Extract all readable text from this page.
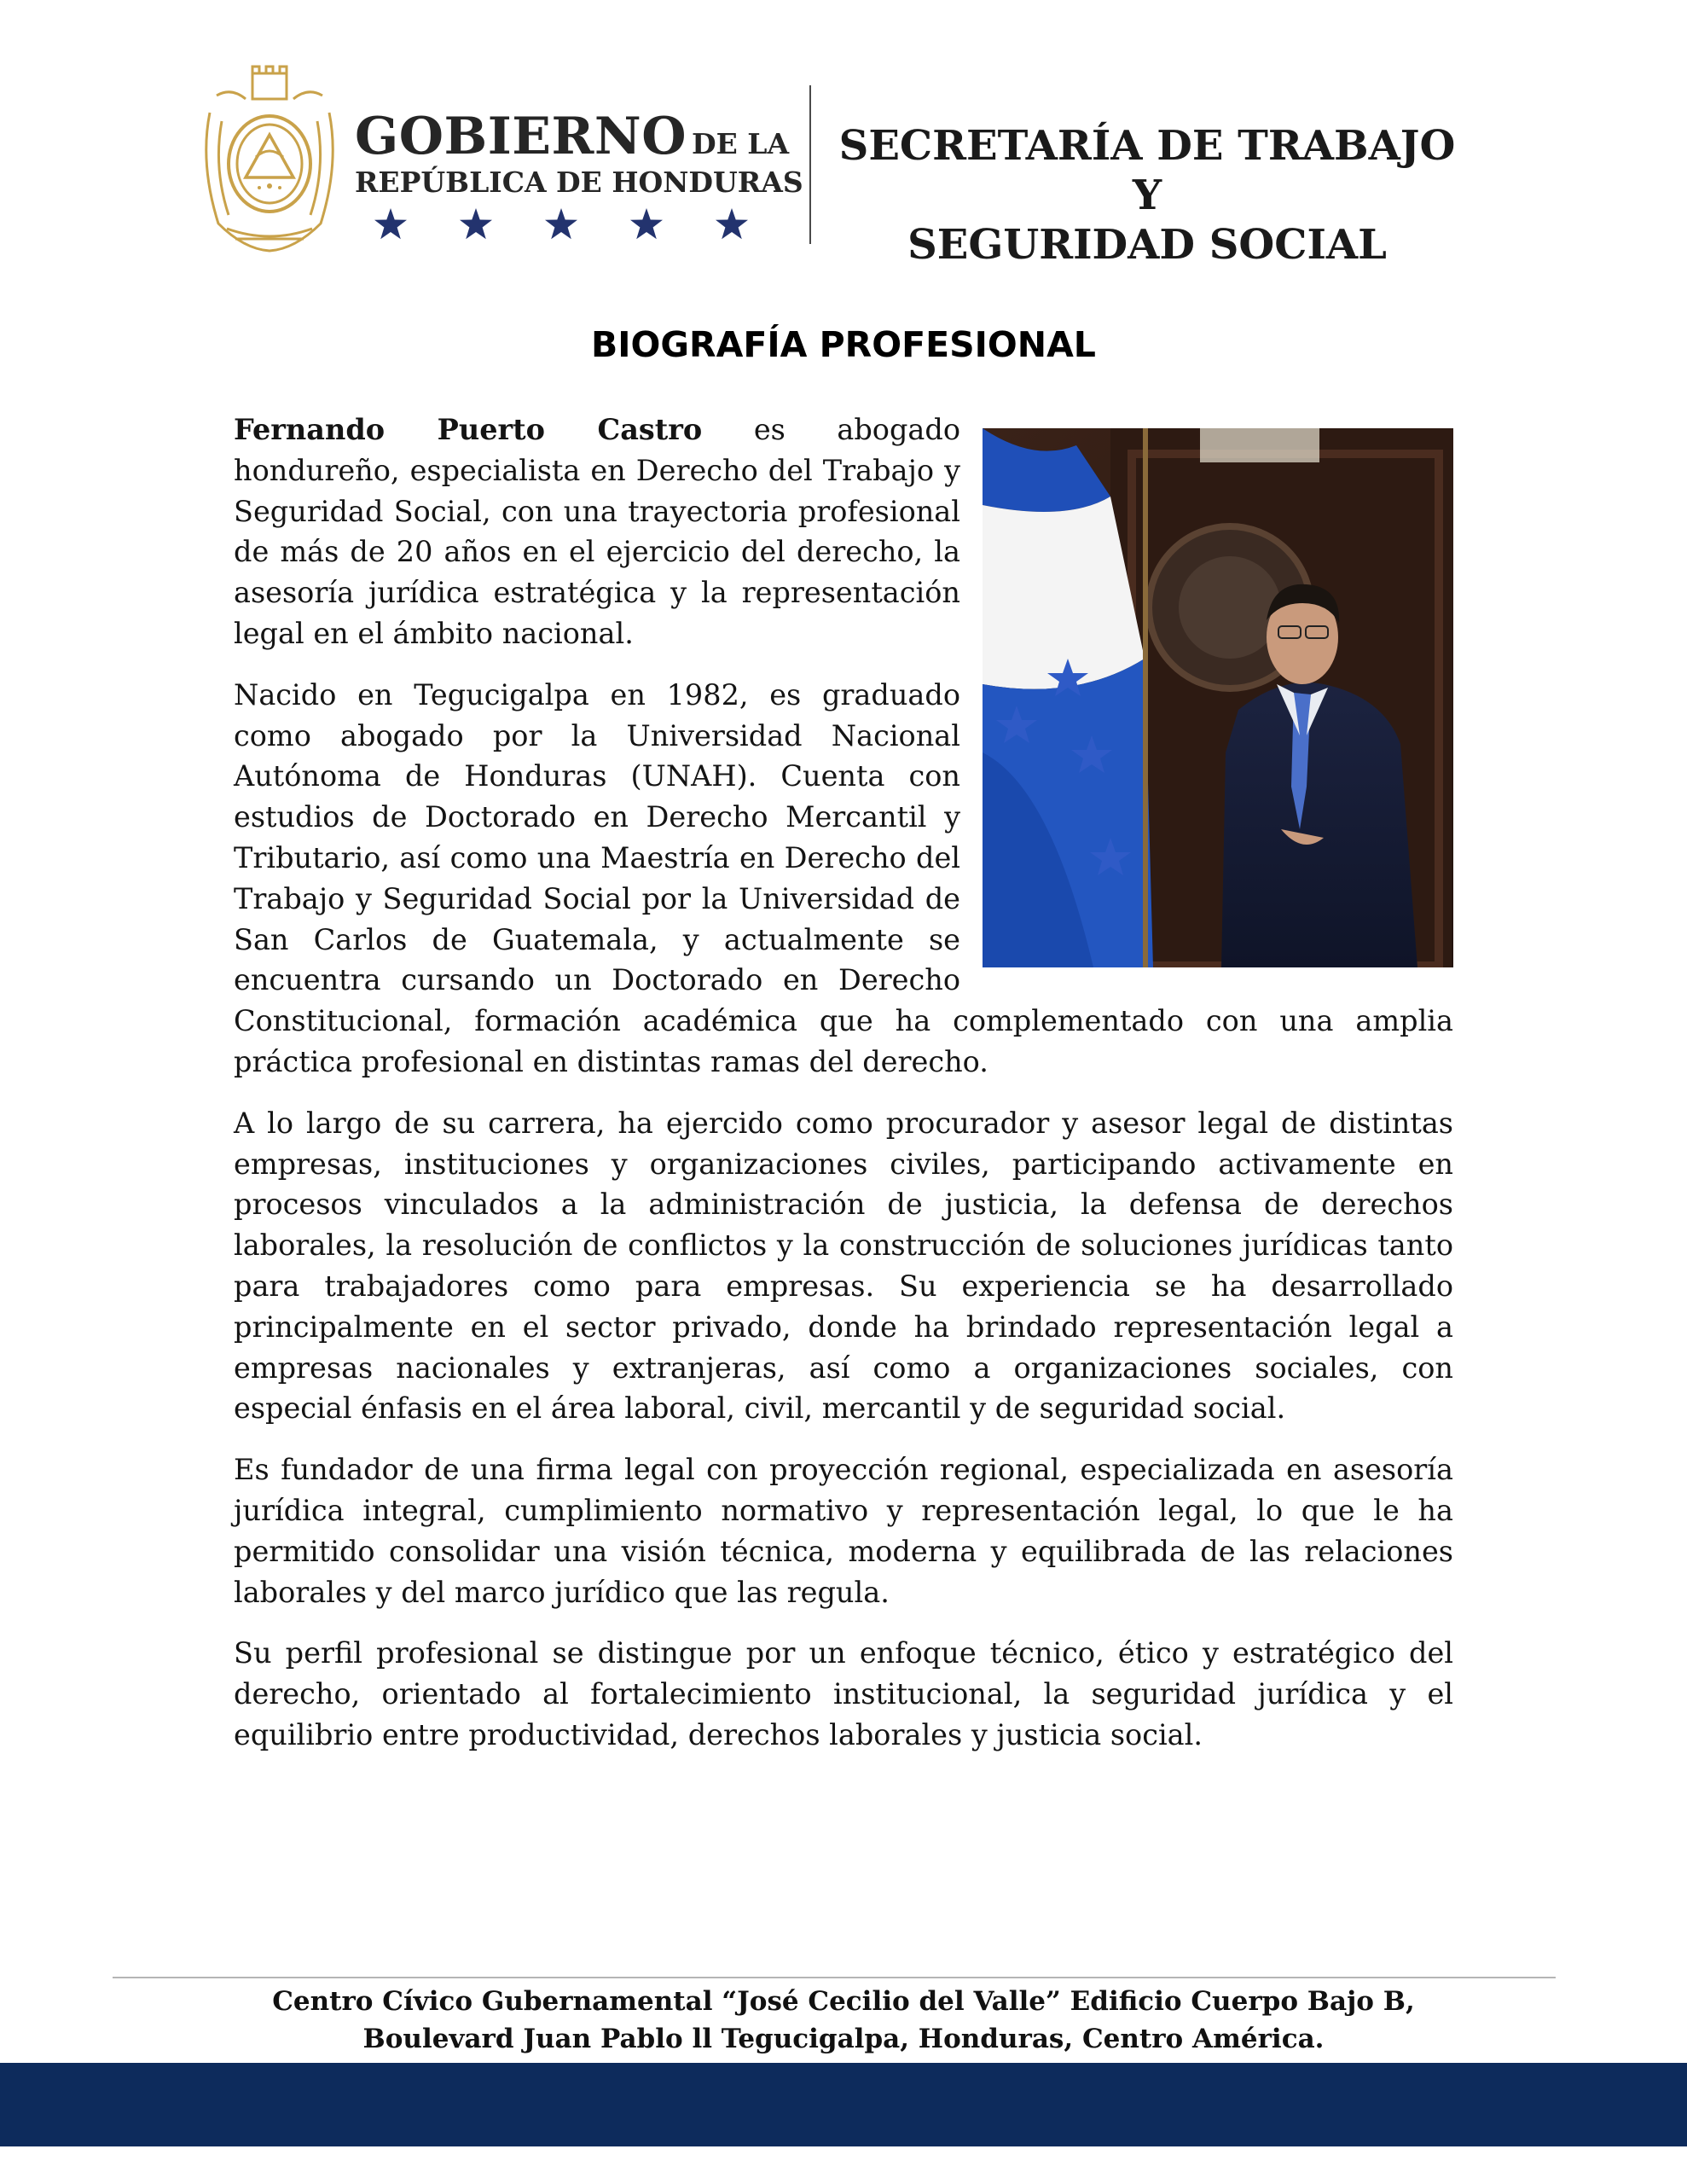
GOBIERNO DE LA
REPÚBLICA DE HONDURAS
SECRETARÍA DE TRABAJO Y
SEGURIDAD SOCIAL
BIOGRAFÍA PROFESIONAL

Fernando Puerto Castro es abogado hondureño, especialista en Derecho del Trabajo y Seguridad Social, con una trayectoria profesional de más de 20 años en el ejercicio del derecho, la asesoría jurídica estratégica y la representación legal en el ámbito nacional.

Nacido en Tegucigalpa en 1982, es graduado como abogado por la Universidad Nacional Autónoma de Honduras (UNAH). Cuenta con estudios de Doctorado en Derecho Mercantil y Tributario, así como una Maestría en Derecho del Trabajo y Seguridad Social por la Universidad de San Carlos de Guatemala, y actualmente se encuentra cursando un Doctorado en Derecho Constitucional, formación académica que ha complementado con una amplia práctica profesional en distintas ramas del derecho.

A lo largo de su carrera, ha ejercido como procurador y asesor legal de distintas empresas, instituciones y organizaciones civiles, participando activamente en procesos vinculados a la administración de justicia, la defensa de derechos laborales, la resolución de conflictos y la construcción de soluciones jurídicas tanto para trabajadores como para empresas. Su experiencia se ha desarrollado principalmente en el sector privado, donde ha brindado representación legal a empresas nacionales y extranjeras, así como a organizaciones sociales, con especial énfasis en el área laboral, civil, mercantil y de seguridad social.

Es fundador de una firma legal con proyección regional, especializada en asesoría jurídica integral, cumplimiento normativo y representación legal, lo que le ha permitido consolidar una visión técnica, moderna y equilibrada de las relaciones laborales y del marco jurídico que las regula.

Su perfil profesional se distingue por un enfoque técnico, ético y estratégico del derecho, orientado al fortalecimiento institucional, la seguridad jurídica y el equilibrio entre productividad, derechos laborales y justicia social.

Centro Cívico Gubernamental “José Cecilio del Valle” Edificio Cuerpo Bajo B,
Boulevard Juan Pablo ll Tegucigalpa, Honduras, Centro América.
